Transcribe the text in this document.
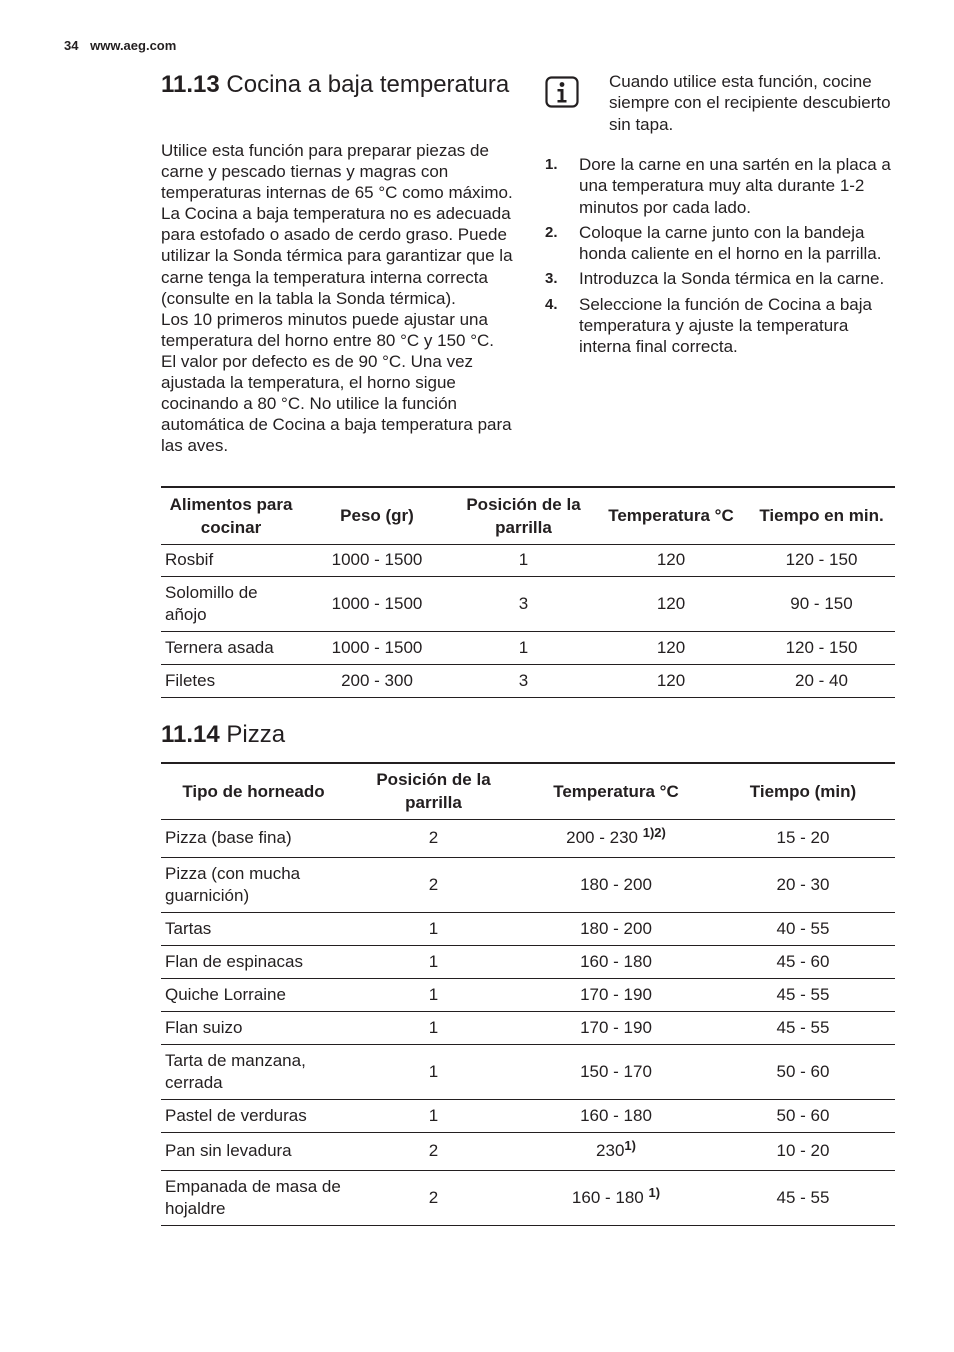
34 www.aeg.com
11.13 Cocina a baja temperatura

Utilice esta función para preparar piezas de carne y pescado tiernas y magras con temperaturas internas de 65 °C como máximo. La Cocina a baja temperatura no es adecuada para estofado o asado de cerdo graso. Puede utilizar la Sonda térmica para garantizar que la carne tenga la temperatura interna correcta (consulte en la tabla la Sonda térmica).

Los 10 primeros minutos puede ajustar una temperatura del horno entre 80 °C y 150 °C. El valor por defecto es de 90 °C. Una vez ajustada la temperatura, el horno sigue cocinando a 80 °C. No utilice la función automática de Cocina a baja temperatura para las aves.

Cuando utilice esta función, cocine siempre con el recipiente descubierto sin tapa.
1.	Dore la carne en una sartén en la placa a una temperatura muy alta durante 1-2 minutos por cada lado.
2.	Coloque la carne junto con la bandeja honda caliente en el horno en la parrilla.
3.	Introduzca la Sonda térmica en la carne.
4.	Seleccione la función de Cocina a baja temperatura y ajuste la temperatura interna final correcta.
Alimentos para cocinar	Peso (gr)	Posición de la parrilla	Temperatura °C	Tiempo en min.
Rosbif	1000 - 1500	1	120	120 - 150
Solomillo de añojo	1000 - 1500	3	120	90 - 150
Ternera asada	1000 - 1500	1	120	120 - 150
Filetes	200 - 300	3	120	20 - 40
11.14 Pizza
Tipo de horneado	Posición de la parrilla	Temperatura °C	Tiempo (min)
Pizza (base fina)	2	200 - 230 $^{1)2)}$	15 - 20
Pizza (con mucha guarnición)	2	180 - 200	20 - 30
Tartas	1	180 - 200	40 - 55
Flan de espinacas	1	160 - 180	45 - 60
Quiche Lorraine	1	170 - 190	45 - 55
Flan suizo	1	170 - 190	45 - 55
Tarta de manzana, cerrada	1	150 - 170	50 - 60
Pastel de verduras	1	160 - 180	50 - 60
Pan sin levadura	2	230$^{1)}$	10 - 20
Empanada de masa de hojaldre	2	160 - 180 $^{1)}$	45 - 55
